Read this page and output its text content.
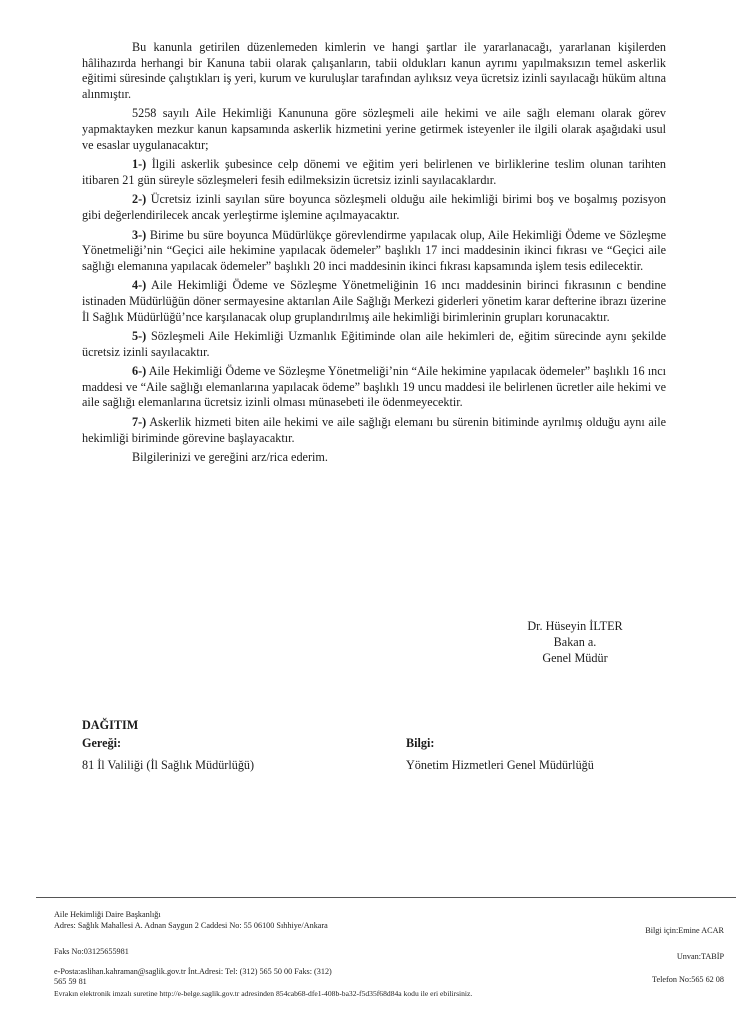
Bu kanunla getirilen düzenlemeden kimlerin ve hangi şartlar ile yararlanacağı, yararlanan kişilerden hâlihazırda herhangi bir Kanuna tabii olarak çalışanların, tabii oldukları kanun ayrımı yapılmaksızın temel askerlik eğitimi süresinde çalıştıkları iş yeri, kurum ve kuruluşlar tarafından aylıksız veya ücretsiz izinli sayılacağı hüküm altına alınmıştır.

5258 sayılı Aile Hekimliği Kanununa göre sözleşmeli aile hekimi ve aile sağlı elemanı olarak görev yapmaktayken mezkur kanun kapsamında askerlik hizmetini yerine getirmek isteyenler ile ilgili olarak aşağıdaki usul ve esaslar uygulanacaktır;

1-) İlgili askerlik şubesince celp dönemi ve eğitim yeri belirlenen ve birliklerine teslim olunan tarihten itibaren 21 gün süreyle sözleşmeleri fesih edilmeksizin ücretsiz izinli sayılacaklardır.

2-) Ücretsiz izinli sayılan süre boyunca sözleşmeli olduğu aile hekimliği birimi boş ve boşalmış pozisyon gibi değerlendirilecek ancak yerleştirme işlemine açılmayacaktır.

3-) Birime bu süre boyunca Müdürlükçe görevlendirme yapılacak olup, Aile Hekimliği Ödeme ve Sözleşme Yönetmeliği’nin “Geçici aile hekimine yapılacak ödemeler” başlıklı 17 inci maddesinin ikinci fıkrası ve “Geçici aile sağlığı elemanına yapılacak ödemeler” başlıklı 20 inci maddesinin ikinci fıkrası kapsamında işlem tesis edilecektir.

4-) Aile Hekimliği Ödeme ve Sözleşme Yönetmeliğinin 16 ıncı maddesinin birinci fıkrasının c bendine istinaden Müdürlüğün döner sermayesine aktarılan Aile Sağlığı Merkezi giderleri yönetim karar defterine ibrazı üzerine İl Sağlık Müdürlüğü’nce karşılanacak olup gruplandırılmış aile hekimliği birimlerinin grupları korunacaktır.

5-) Sözleşmeli Aile Hekimliği Uzmanlık Eğitiminde olan aile hekimleri de, eğitim sürecinde aynı şekilde ücretsiz izinli sayılacaktır.

6-) Aile Hekimliği Ödeme ve Sözleşme Yönetmeliği’nin “Aile hekimine yapılacak ödemeler” başlıklı 16 ıncı maddesi ve “Aile sağlığı elemanlarına yapılacak ödeme” başlıklı 19 uncu maddesi ile belirlenen ücretler aile hekimi ve aile sağlığı elemanlarına ücretsiz izinli olması münasebeti ile ödenmeyecektir.

7-) Askerlik hizmeti biten aile hekimi ve aile sağlığı elemanı bu sürenin bitiminde ayrılmış olduğu aynı aile hekimliği biriminde görevine başlayacaktır.

Bilgilerinizi ve gereğini arz/rica ederim.

Dr. Hüseyin İLTER
Bakan a.
Genel Müdür
DAĞITIM
Gereği:
81 İl Valiliği (İl Sağlık Müdürlüğü)
Bilgi:
Yönetim Hizmetleri Genel Müdürlüğü
Aile Hekimliği Daire Başkanlığı
Adres: Sağlık Mahallesi A. Adnan Saygun 2 Caddesi No: 55 06100 Sıhhiye/Ankara
Bilgi için:Emine ACAR
Faks No:03125655981
Unvan:TABİP
e-Posta:aslihan.kahraman@saglik.gov.tr İnt.Adresi: Tel: (312) 565 50 00 Faks: (312)
Telefon No:565 62 08
565 59 81
Evrakın elektronik imzalı suretine http://e-belge.saglik.gov.tr adresinden 854cab68-dfe1-408b-ba32-f5d35f68d84a kodu ile eri ebilirsiniz.
